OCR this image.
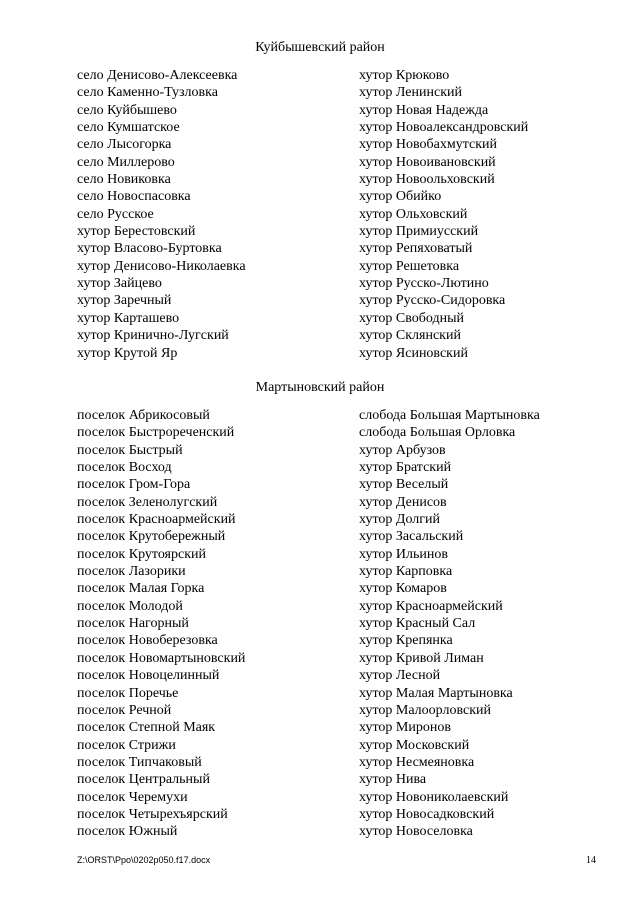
Куйбышевский район
село Денисово-Алексеевка
село Каменно-Тузловка
село Куйбышево
село Кумшатское
село Лысогорка
село Миллерово
село Новиковка
село Новоспасовка
село Русское
хутор Берестовский
хутор Власово-Буртовка
хутор Денисово-Николаевка
хутор Зайцево
хутор Заречный
хутор Карташево
хутор Кринично-Лугский
хутор Крутой Яр
хутор Крюково
хутор Ленинский
хутор Новая Надежда
хутор Новоалександровский
хутор Новобахмутский
хутор Новоивановский
хутор Новоольховский
хутор Обийко
хутор Ольховский
хутор Примиусский
хутор Репяховатый
хутор Решетовка
хутор Русско-Лютино
хутор Русско-Сидоровка
хутор Свободный
хутор Склянский
хутор Ясиновский
Мартыновский район
поселок Абрикосовый
поселок Быстрореченский
поселок Быстрый
поселок Восход
поселок Гром-Гора
поселок Зеленолугский
поселок Красноармейский
поселок Крутобережный
поселок Крутоярский
поселок Лазорики
поселок Малая Горка
поселок Молодой
поселок Нагорный
поселок Новоберезовка
поселок Новомартыновский
поселок Новоцелинный
поселок Поречье
поселок Речной
поселок Степной Маяк
поселок Стрижи
поселок Типчаковый
поселок Центральный
поселок Черемухи
поселок Четырехъярский
поселок Южный
слобода Большая Мартыновка
слобода Большая Орловка
хутор Арбузов
хутор Братский
хутор Веселый
хутор Денисов
хутор Долгий
хутор Засальский
хутор Ильинов
хутор Карповка
хутор Комаров
хутор Красноармейский
хутор Красный Сал
хутор Крепянка
хутор Кривой Лиман
хутор Лесной
хутор Малая Мартыновка
хутор Малоорловский
хутор Миронов
хутор Московский
хутор Несмеяновка
хутор Нива
хутор Новониколаевский
хутор Новосадковский
хутор Новоселовка
Z:\ORST\Ppo\0202p050.f17.docx	14
